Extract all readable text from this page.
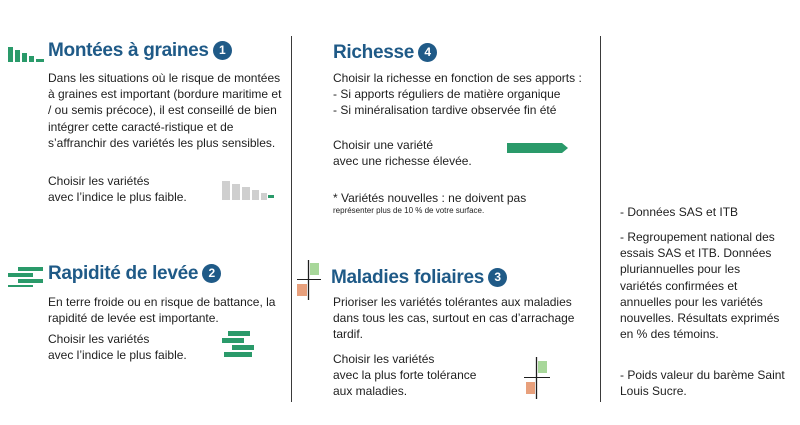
Montées à graines 1
Dans les situations où le risque de montées à graines est important (bordure maritime et / ou semis précoce), il est conseillé de bien intégrer cette caracté-ristique et de s’affranchir des variétés les plus sensibles.
Choisir les variétés
avec l’indice le plus faible.
Rapidité de levée 2
En terre froide ou en risque de battance, la rapidité de levée est importante.
Choisir les variétés
avec l’indice le plus faible.
Richesse 4
Choisir la richesse en fonction de ses apports :
- Si apports réguliers de matière organique
- Si minéralisation tardive observée fin été
Choisir une variété
avec une richesse élevée.
* Variétés nouvelles : ne doivent pas
représenter plus de 10 % de votre surface.
Maladies foliaires 3
Prioriser les variétés tolérantes aux maladies dans tous les cas, surtout en cas d’arrachage tardif.
Choisir les variétés
avec la plus forte tolérance
aux maladies.
- Données SAS et ITB
- Regroupement national des essais SAS et ITB. Données pluriannuelles pour les variétés confirmées et annuelles pour les variétés nouvelles. Résultats exprimés en % des témoins.
- Poids valeur du barème Saint Louis Sucre.
